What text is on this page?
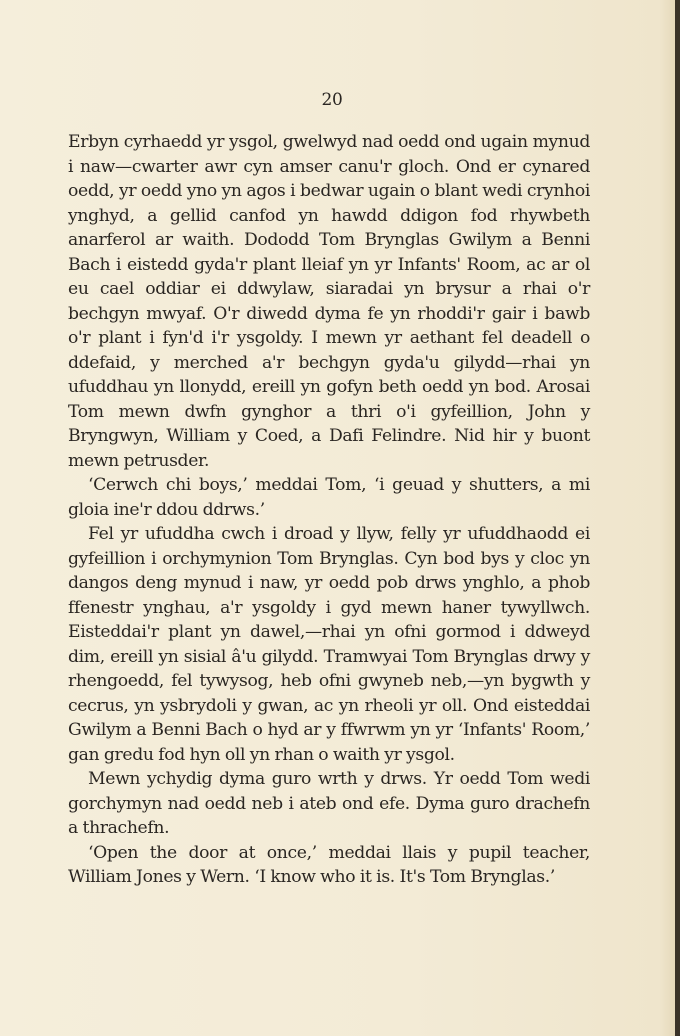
20

Erbyn cyrhaedd yr ysgol, gwelwyd nad oedd ond ugain mynud i naw—cwarter awr cyn amser canu'r gloch. Ond er cynared oedd, yr oedd yno yn agos i bedwar ugain o blant wedi crynhoi ynghyd, a gellid canfod yn hawdd ddigon fod rhywbeth anarferol ar waith. Dododd Tom Brynglas Gwilym a Benni Bach i eistedd gyda'r plant lleiaf yn yr Infants' Room, ac ar ol eu cael oddiar ei ddwylaw, siaradai yn brysur a rhai o'r bechgyn mwyaf. O'r diwedd dyma fe yn rhoddi'r gair i bawb o'r plant i fyn'd i'r ysgoldy. I mewn yr aethant fel deadell o ddefaid, y merched a'r bechgyn gyda'u gilydd—rhai yn ufuddhau yn llonydd, ereill yn gofyn beth oedd yn bod. Arosai Tom mewn dwfn gynghor a thri o'i gyfeillion, John y Bryngwyn, William y Coed, a Dafi Felindre. Nid hir y buont mewn petrusder.

‘Cerwch chi boys,’ meddai Tom, ‘i geuad y shutters, a mi gloia ine'r ddou ddrws.’

Fel yr ufuddha cwch i droad y llyw, felly yr ufuddhaodd ei gyfeillion i orchymynion Tom Brynglas. Cyn bod bys y cloc yn dangos deng mynud i naw, yr oedd pob drws ynghlo, a phob ffenestr ynghau, a'r ysgoldy i gyd mewn haner tywyllwch. Eisteddai'r plant yn dawel,—rhai yn ofni gormod i ddweyd dim, ereill yn sisial â'u gilydd. Tramwyai Tom Brynglas drwy y rhengoedd, fel tywysog, heb ofni gwyneb neb,—yn bygwth y cecrus, yn ysbrydoli y gwan, ac yn rheoli yr oll. Ond eisteddai Gwilym a Benni Bach o hyd ar y ffwrwm yn yr ‘Infants' Room,’ gan gredu fod hyn oll yn rhan o waith yr ysgol.

Mewn ychydig dyma guro wrth y drws. Yr oedd Tom wedi gorchymyn nad oedd neb i ateb ond efe. Dyma guro drachefn a thrachefn.

‘Open the door at once,’ meddai llais y pupil teacher, William Jones y Wern. ‘I know who it is. It's Tom Brynglas.’
